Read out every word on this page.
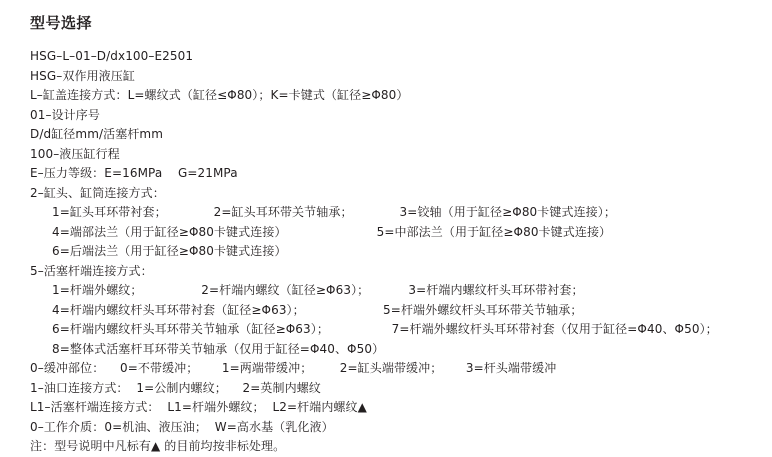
型号选择
HSG–L–01–D/dx100–E2501
HSG–双作用液压缸
L–缸盖连接方式：L=螺纹式（缸径≤Φ80）；K=卡键式（缸径≥Φ80）
01–设计序号
D/d缸径mm/活塞杆mm
100–液压缸行程
E–压力等级：E=16MPa    G=21MPa
2–缸头、缸筒连接方式：
1=缸头耳环带衬套；            2=缸头耳环带关节轴承；            3=铰轴（用于缸径≥Φ80卡键式连接）；
4=端部法兰（用于缸径≥Φ80卡键式连接）                       5=中部法兰（用于缸径≥Φ80卡键式连接）
6=后端法兰（用于缸径≥Φ80卡键式连接）
5–活塞杆端连接方式：
1=杆端外螺纹；               2=杆端内螺纹（缸径≥Φ63）；          3=杆端内螺纹杆头耳环带衬套；
4=杆端内螺纹杆头耳环带衬套（缸径≥Φ63）；                    5=杆端外螺纹杆头耳环带关节轴承；
6=杆端内螺纹杆头耳环带关节轴承（缸径≥Φ63）；                7=杆端外螺纹杆头耳环带衬套（仅用于缸径=Φ40、Φ50）；
8=整体式活塞杆耳环带关节轴承（仅用于缸径=Φ40、Φ50）
0–缓冲部位：    0=不带缓冲；      1=两端带缓冲；       2=缸头端带缓冲；      3=杆头端带缓冲
1–油口连接方式：  1=公制内螺纹；    2=英制内螺纹
L1–活塞杆端连接方式：  L1=杆端外螺纹；  L2=杆端内螺纹▲
0–工作介质：0=机油、液压油；  W=高水基（乳化液）
注：型号说明中凡标有▲ 的目前均按非标处理。
